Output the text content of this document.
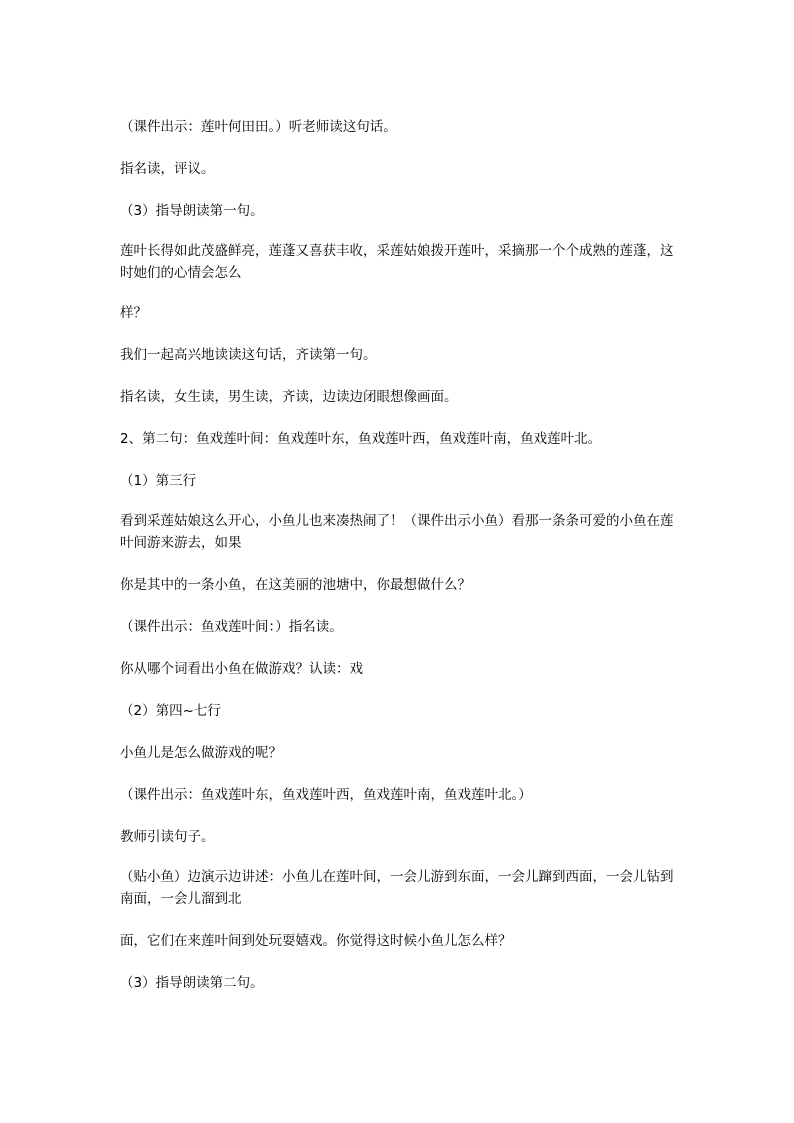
（课件出示：莲叶何田田。）听老师读这句话。

指名读，评议。

（3）指导朗读第一句。

莲叶长得如此茂盛鲜亮，莲蓬又喜获丰收，采莲姑娘拨开莲叶，采摘那一个个成熟的莲蓬，这时她们的心情会怎么

样？

我们一起高兴地读读这句话，齐读第一句。

指名读，女生读，男生读，齐读，边读边闭眼想像画面。

2、第二句：鱼戏莲叶间：鱼戏莲叶东，鱼戏莲叶西，鱼戏莲叶南，鱼戏莲叶北。

（1）第三行

看到采莲姑娘这么开心，小鱼儿也来凑热闹了！（课件出示小鱼）看那一条条可爱的小鱼在莲叶间游来游去，如果

你是其中的一条小鱼，在这美丽的池塘中，你最想做什么？

（课件出示：鱼戏莲叶间：）指名读。

你从哪个词看出小鱼在做游戏？认读：戏

（2）第四~七行

小鱼儿是怎么做游戏的呢？

（课件出示：鱼戏莲叶东，鱼戏莲叶西，鱼戏莲叶南，鱼戏莲叶北。）

教师引读句子。

（贴小鱼）边演示边讲述：小鱼儿在莲叶间，一会儿游到东面，一会儿蹿到西面，一会儿钻到南面，一会儿溜到北

面，它们在来莲叶间到处玩耍嬉戏。你觉得这时候小鱼儿怎么样？

（3）指导朗读第二句。
